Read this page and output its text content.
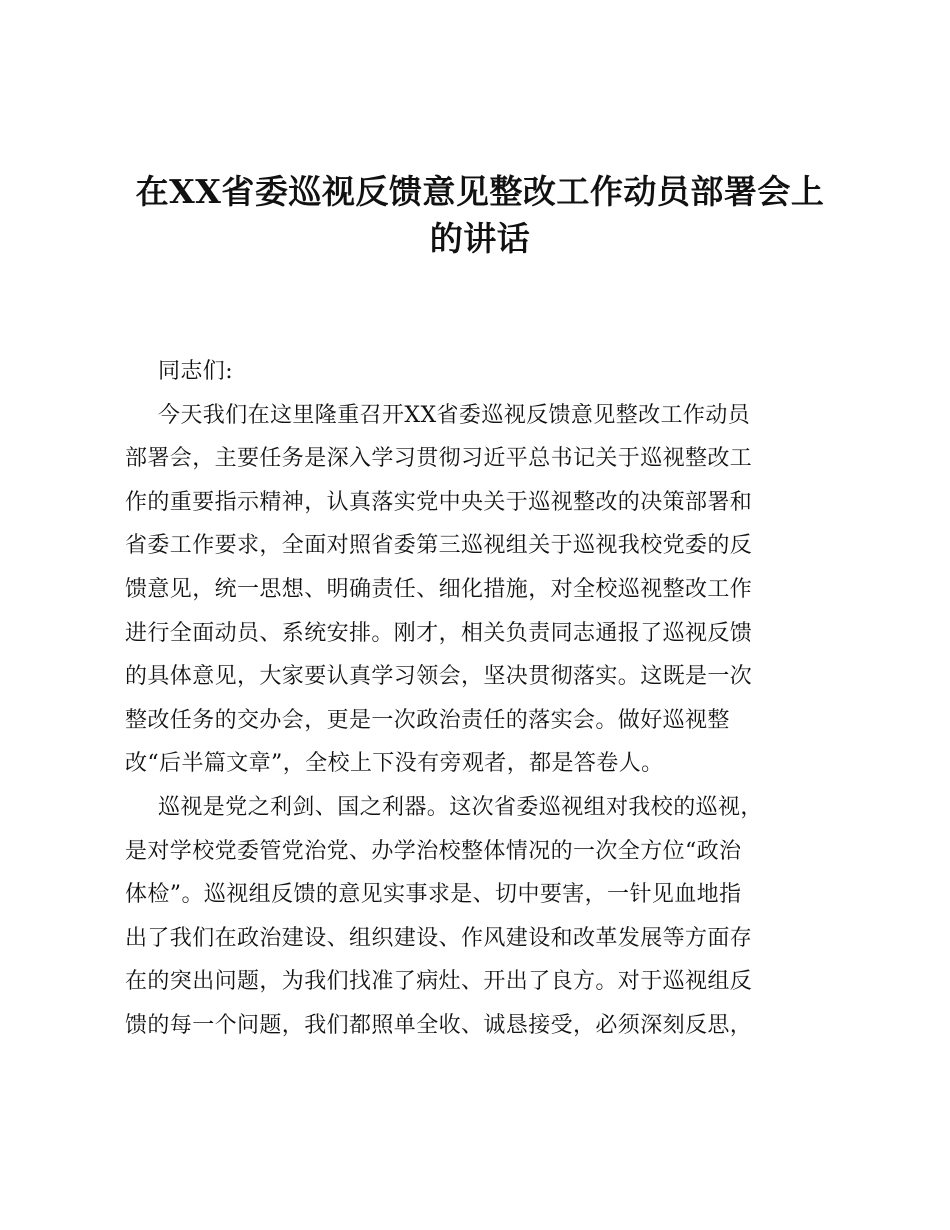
在XX省委巡视反馈意见整改工作动员部署会上
的讲话
同志们:
今天我们在这里隆重召开XX省委巡视反馈意见整改工作动员
部署会，主要任务是深入学习贯彻习近平总书记关于巡视整改工
作的重要指示精神，认真落实党中央关于巡视整改的决策部署和
省委工作要求，全面对照省委第三巡视组关于巡视我校党委的反
馈意见，统一思想、明确责任、细化措施，对全校巡视整改工作
进行全面动员、系统安排。刚才，相关负责同志通报了巡视反馈
的具体意见，大家要认真学习领会，坚决贯彻落实。这既是一次
整改任务的交办会，更是一次政治责任的落实会。做好巡视整
改“后半篇文章”，全校上下没有旁观者，都是答卷人。
巡视是党之利剑、国之利器。这次省委巡视组对我校的巡视，
是对学校党委管党治党、办学治校整体情况的一次全方位“政治
体检”。巡视组反馈的意见实事求是、切中要害，一针见血地指
出了我们在政治建设、组织建设、作风建设和改革发展等方面存
在的突出问题，为我们找准了病灶、开出了良方。对于巡视组反
馈的每一个问题，我们都照单全收、诚恳接受，必须深刻反思，
